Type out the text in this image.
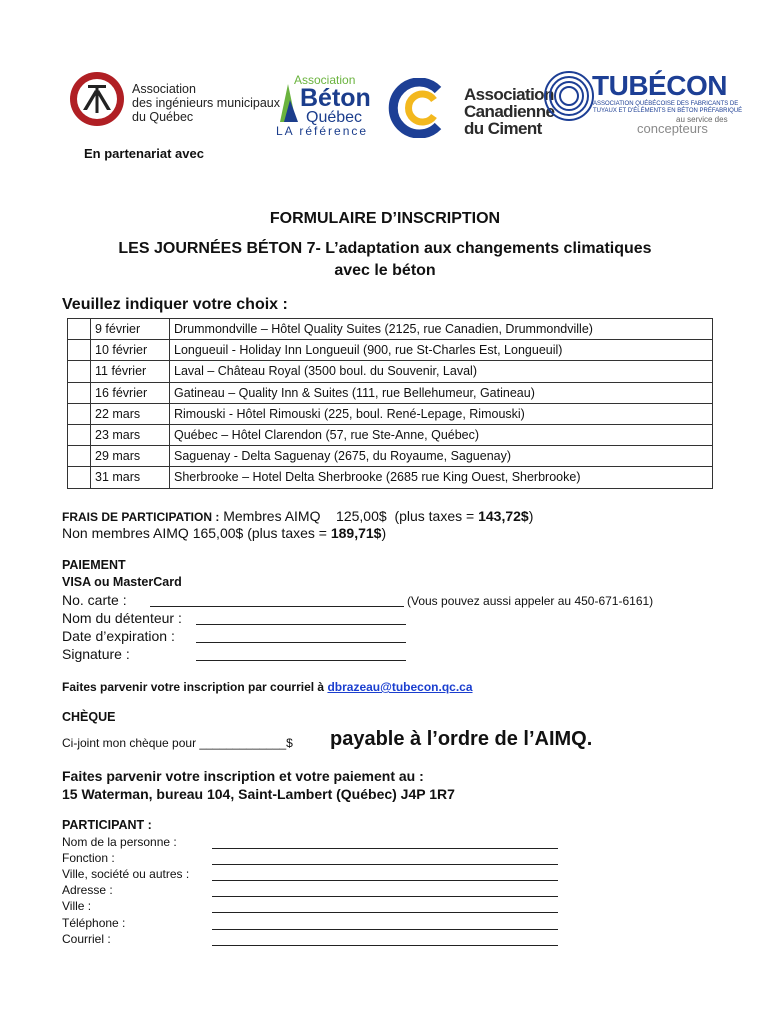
Association
des ingénieurs municipaux
du Québec
Association
Béton
Québec
LA référence
Association
Canadienne
du Ciment
TUBÉCON
ASSOCIATION QUÉBÉCOISE DES FABRICANTS DE
TUYAUX ET D'ÉLÉMENTS EN BÉTON PRÉFABRIQUÉ
au service des
concepteurs
En partenariat avec
FORMULAIRE D’INSCRIPTION
LES JOURNÉES BÉTON 7- L’adaptation aux changements climatiques
avec le béton
Veuillez indiquer votre choix :
	9 février	Drummondville – Hôtel Quality Suites (2125, rue Canadien, Drummondville)
	10 février	Longueuil - Holiday Inn Longueuil (900, rue St-Charles Est, Longueuil)
	11 février	Laval – Château Royal (3500 boul. du Souvenir, Laval)
	16 février	Gatineau – Quality Inn & Suites (111, rue Bellehumeur, Gatineau)
	22 mars	Rimouski - Hôtel Rimouski (225, boul. René-Lepage, Rimouski)
	23 mars	Québec – Hôtel Clarendon (57, rue Ste-Anne, Québec)
	29 mars	Saguenay - Delta Saguenay (2675, du Royaume, Saguenay)
	31 mars	Sherbrooke – Hotel Delta Sherbrooke (2685 rue King Ouest, Sherbrooke)
FRAIS DE PARTICIPATION : Membres AIMQ 125,00$ (plus taxes = 143,72$)
Non membres AIMQ 165,00$ (plus taxes = 189,71$)
PAIEMENT
VISA ou MasterCard
No. carte :	(Vous pouvez aussi appeler au 450-671-6161)
Nom du détenteur :
Date d’expiration :
Signature :
Faites parvenir votre inscription par courriel à dbrazeau@tubecon.qc.ca
CHÈQUE
Ci-joint mon chèque pour _____________$ payable à l’ordre de l’AIMQ.
Faites parvenir votre inscription et votre paiement au :
15 Waterman, bureau 104, Saint-Lambert (Québec) J4P 1R7
PARTICIPANT :
Nom de la personne :
Fonction :
Ville, société ou autres :
Adresse :
Ville :
Téléphone :
Courriel :
